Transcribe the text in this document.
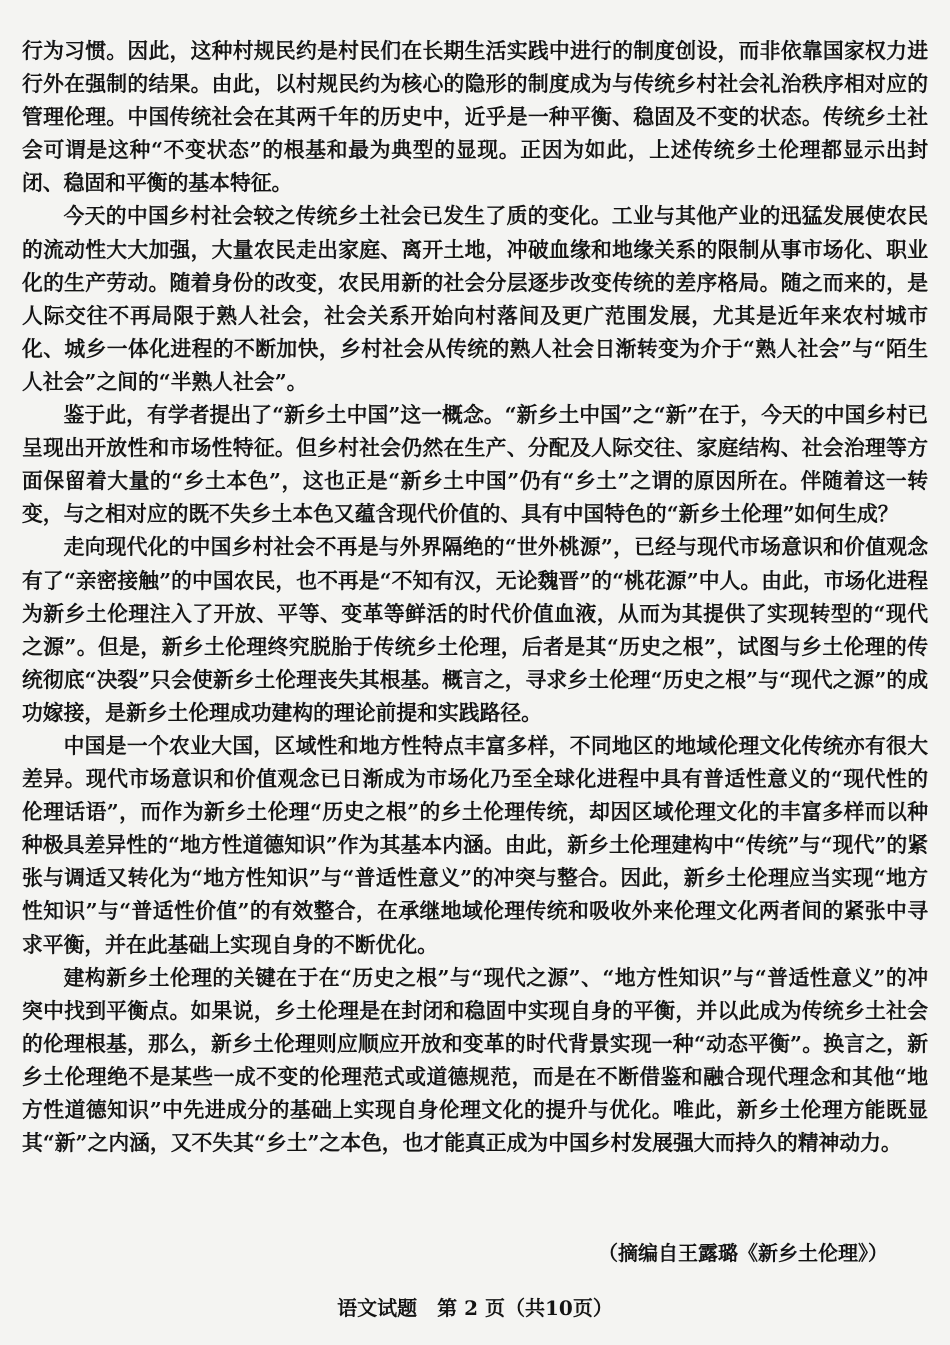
行为习惯。因此，这种村规民约是村民们在长期生活实践中进行的制度创设，而非依靠国家权力进行外在强制的结果。由此，以村规民约为核心的隐形的制度成为与传统乡村社会礼治秩序相对应的管理伦理。中国传统社会在其两千年的历史中，近乎是一种平衡、稳固及不变的状态。传统乡土社会可谓是这种“不变状态”的根基和最为典型的显现。正因为如此，上述传统乡土伦理都显示出封闭、稳固和平衡的基本特征。

今天的中国乡村社会较之传统乡土社会已发生了质的变化。工业与其他产业的迅猛发展使农民的流动性大大加强，大量农民走出家庭、离开土地，冲破血缘和地缘关系的限制从事市场化、职业化的生产劳动。随着身份的改变，农民用新的社会分层逐步改变传统的差序格局。随之而来的，是人际交往不再局限于熟人社会，社会关系开始向村落间及更广范围发展，尤其是近年来农村城市化、城乡一体化进程的不断加快，乡村社会从传统的熟人社会日渐转变为介于“熟人社会”与“陌生人社会”之间的“半熟人社会”。

鉴于此，有学者提出了“新乡土中国”这一概念。“新乡土中国”之“新”在于，今天的中国乡村已呈现出开放性和市场性特征。但乡村社会仍然在生产、分配及人际交往、家庭结构、社会治理等方面保留着大量的“乡土本色”，这也正是“新乡土中国”仍有“乡土”之谓的原因所在。伴随着这一转变，与之相对应的既不失乡土本色又蕴含现代价值的、具有中国特色的“新乡土伦理”如何生成？

走向现代化的中国乡村社会不再是与外界隔绝的“世外桃源”，已经与现代市场意识和价值观念有了“亲密接触”的中国农民，也不再是“不知有汉，无论魏晋”的“桃花源”中人。由此，市场化进程为新乡土伦理注入了开放、平等、变革等鲜活的时代价值血液，从而为其提供了实现转型的“现代之源”。但是，新乡土伦理终究脱胎于传统乡土伦理，后者是其“历史之根”，试图与乡土伦理的传统彻底“决裂”只会使新乡土伦理丧失其根基。概言之，寻求乡土伦理“历史之根”与“现代之源”的成功嫁接，是新乡土伦理成功建构的理论前提和实践路径。

中国是一个农业大国，区域性和地方性特点丰富多样，不同地区的地域伦理文化传统亦有很大差异。现代市场意识和价值观念已日渐成为市场化乃至全球化进程中具有普适性意义的“现代性的伦理话语”，而作为新乡土伦理“历史之根”的乡土伦理传统，却因区域伦理文化的丰富多样而以种种极具差异性的“地方性道德知识”作为其基本内涵。由此，新乡土伦理建构中“传统”与“现代”的紧张与调适又转化为“地方性知识”与“普适性意义”的冲突与整合。因此，新乡土伦理应当实现“地方性知识”与“普适性价值”的有效整合，在承继地域伦理传统和吸收外来伦理文化两者间的紧张中寻求平衡，并在此基础上实现自身的不断优化。

建构新乡土伦理的关键在于在“历史之根”与“现代之源”、“地方性知识”与“普适性意义”的冲突中找到平衡点。如果说，乡土伦理是在封闭和稳固中实现自身的平衡，并以此成为传统乡土社会的伦理根基，那么，新乡土伦理则应顺应开放和变革的时代背景实现一种“动态平衡”。换言之，新乡土伦理绝不是某些一成不变的伦理范式或道德规范，而是在不断借鉴和融合现代理念和其他“地方性道德知识”中先进成分的基础上实现自身伦理文化的提升与优化。唯此，新乡土伦理方能既显其“新”之内涵，又不失其“乡土”之本色，也才能真正成为中国乡村发展强大而持久的精神动力。

（摘编自王露璐《新乡土伦理》）
语文试题　第 2 页（共10页）
